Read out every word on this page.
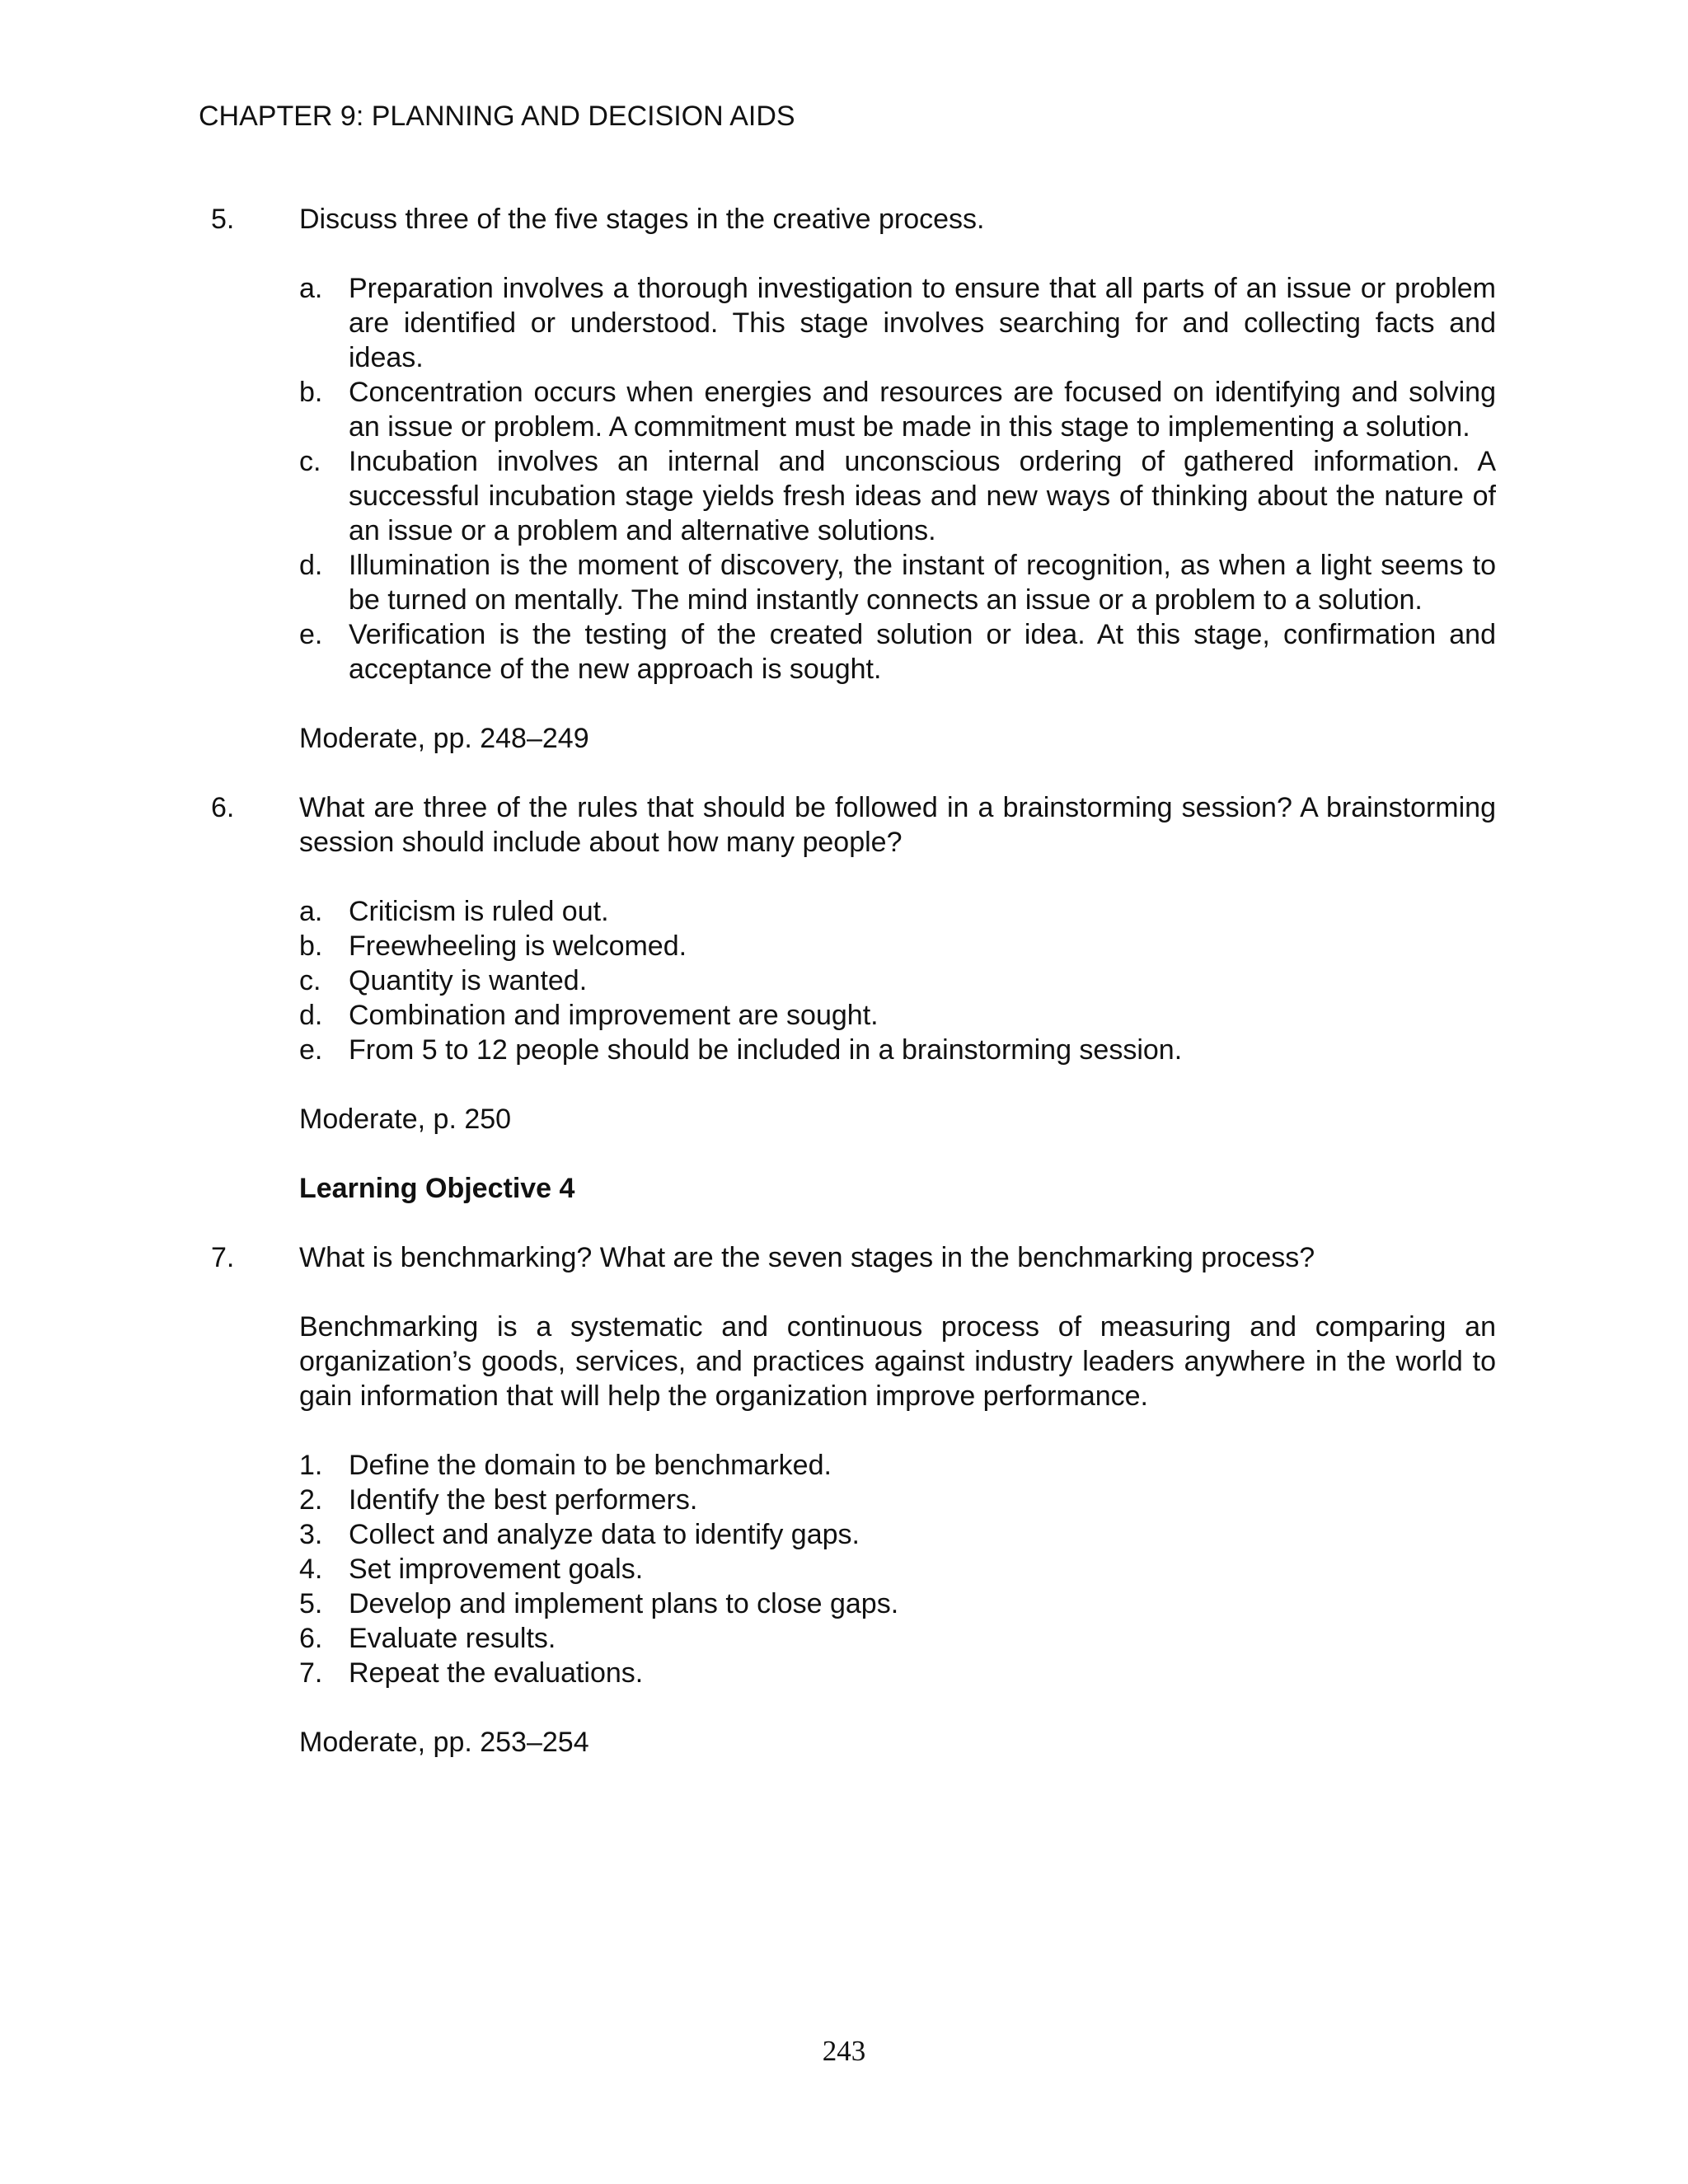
CHAPTER 9: PLANNING AND DECISION AIDS
5. Discuss three of the five stages in the creative process.
a. Preparation involves a thorough investigation to ensure that all parts of an issue or problem are identified or understood. This stage involves searching for and collecting facts and ideas.
b. Concentration occurs when energies and resources are focused on identifying and solving an issue or problem. A commitment must be made in this stage to implementing a solution.
c. Incubation involves an internal and unconscious ordering of gathered information. A successful incubation stage yields fresh ideas and new ways of thinking about the nature of an issue or a problem and alternative solutions.
d. Illumination is the moment of discovery, the instant of recognition, as when a light seems to be turned on mentally. The mind instantly connects an issue or a problem to a solution.
e. Verification is the testing of the created solution or idea. At this stage, confirmation and acceptance of the new approach is sought.
Moderate, pp. 248–249
6. What are three of the rules that should be followed in a brainstorming session? A brainstorming session should include about how many people?
a. Criticism is ruled out.
b. Freewheeling is welcomed.
c. Quantity is wanted.
d. Combination and improvement are sought.
e. From 5 to 12 people should be included in a brainstorming session.
Moderate, p. 250
Learning Objective 4
7. What is benchmarking? What are the seven stages in the benchmarking process?
Benchmarking is a systematic and continuous process of measuring and comparing an organization’s goods, services, and practices against industry leaders anywhere in the world to gain information that will help the organization improve performance.
1. Define the domain to be benchmarked.
2. Identify the best performers.
3. Collect and analyze data to identify gaps.
4. Set improvement goals.
5. Develop and implement plans to close gaps.
6. Evaluate results.
7. Repeat the evaluations.
Moderate, pp. 253–254
243
